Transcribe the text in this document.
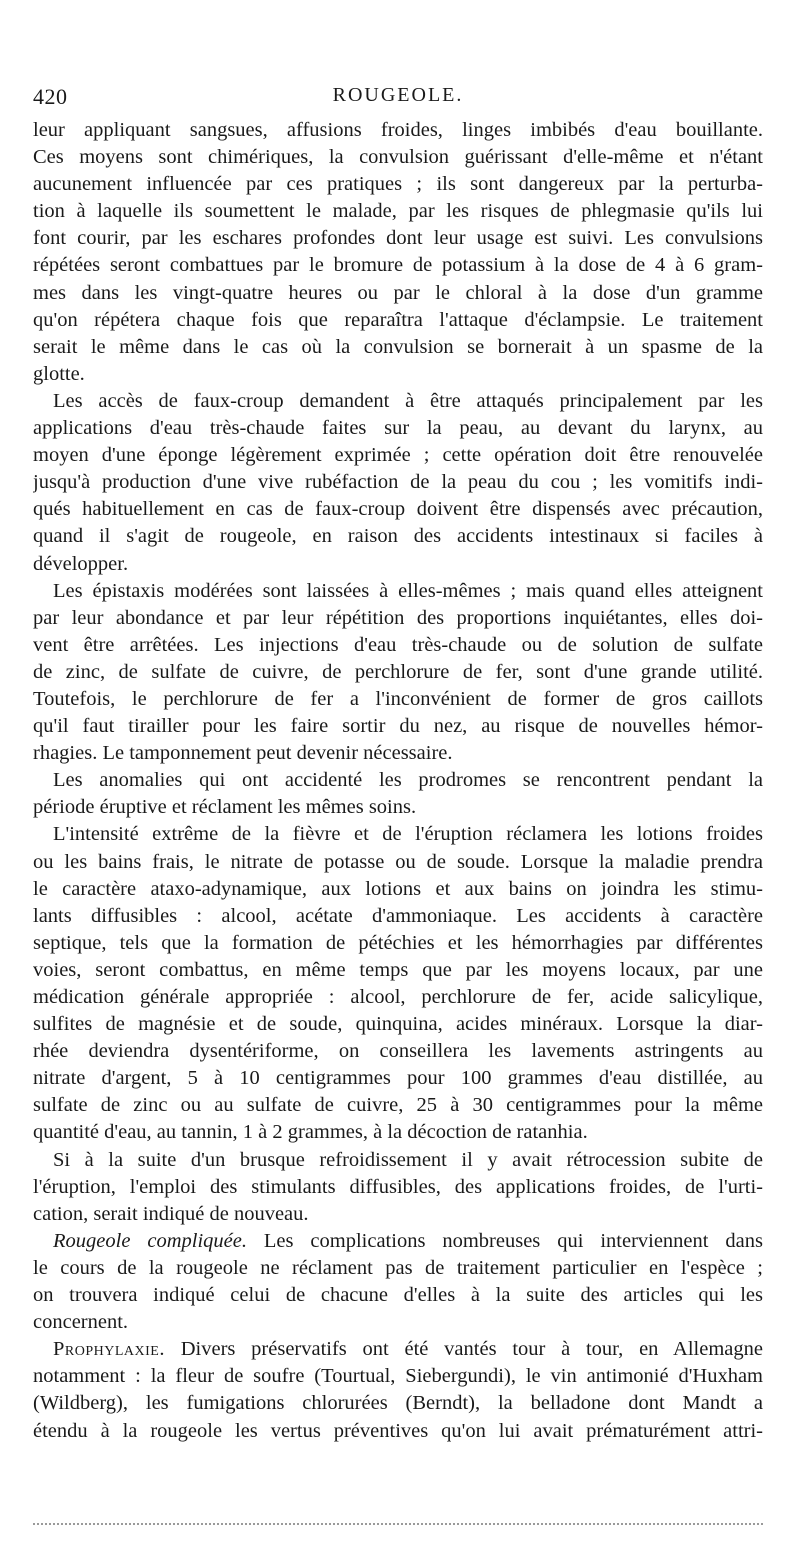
420	ROUGEOLE.
leur appliquant sangsues, affusions froides, linges imbibés d'eau bouillante.
Ces moyens sont chimériques, la convulsion guérissant d'elle-même et n'étant
aucunement influencée par ces pratiques ; ils sont dangereux par la perturba-
tion à laquelle ils soumettent le malade, par les risques de phlegmasie qu'ils lui
font courir, par les eschares profondes dont leur usage est suivi. Les convulsions
répétées seront combattues par le bromure de potassium à la dose de 4 à 6 gram-
mes dans les vingt-quatre heures ou par le chloral à la dose d'un gramme
qu'on répétera chaque fois que reparaîtra l'attaque d'éclampsie. Le traitement
serait le même dans le cas où la convulsion se bornerait à un spasme de la
glotte.
Les accès de faux-croup demandent à être attaqués principalement par les
applications d'eau très-chaude faites sur la peau, au devant du larynx, au
moyen d'une éponge légèrement exprimée ; cette opération doit être renouvelée
jusqu'à production d'une vive rubéfaction de la peau du cou ; les vomitifs indi-
qués habituellement en cas de faux-croup doivent être dispensés avec précaution,
quand il s'agit de rougeole, en raison des accidents intestinaux si faciles à
développer.
Les épistaxis modérées sont laissées à elles-mêmes ; mais quand elles atteignent
par leur abondance et par leur répétition des proportions inquiétantes, elles doi-
vent être arrêtées. Les injections d'eau très-chaude ou de solution de sulfate
de zinc, de sulfate de cuivre, de perchlorure de fer, sont d'une grande utilité.
Toutefois, le perchlorure de fer a l'inconvénient de former de gros caillots
qu'il faut tirailler pour les faire sortir du nez, au risque de nouvelles hémor-
rhagies. Le tamponnement peut devenir nécessaire.
Les anomalies qui ont accidenté les prodromes se rencontrent pendant la
période éruptive et réclament les mêmes soins.
L'intensité extrême de la fièvre et de l'éruption réclamera les lotions froides
ou les bains frais, le nitrate de potasse ou de soude. Lorsque la maladie prendra
le caractère ataxo-adynamique, aux lotions et aux bains on joindra les stimu-
lants diffusibles : alcool, acétate d'ammoniaque. Les accidents à caractère
septique, tels que la formation de pétéchies et les hémorrhagies par différentes
voies, seront combattus, en même temps que par les moyens locaux, par une
médication générale appropriée : alcool, perchlorure de fer, acide salicylique,
sulfites de magnésie et de soude, quinquina, acides minéraux. Lorsque la diar-
rhée deviendra dysentériforme, on conseillera les lavements astringents au
nitrate d'argent, 5 à 10 centigrammes pour 100 grammes d'eau distillée, au
sulfate de zinc ou au sulfate de cuivre, 25 à 30 centigrammes pour la même
quantité d'eau, au tannin, 1 à 2 grammes, à la décoction de ratanhia.
Si à la suite d'un brusque refroidissement il y avait rétrocession subite de
l'éruption, l'emploi des stimulants diffusibles, des applications froides, de l'urti-
cation, serait indiqué de nouveau.
Rougeole compliquée. Les complications nombreuses qui interviennent dans
le cours de la rougeole ne réclament pas de traitement particulier en l'espèce ;
on trouvera indiqué celui de chacune d'elles à la suite des articles qui les
concernent.
Prophylaxie. Divers préservatifs ont été vantés tour à tour, en Allemagne
notamment : la fleur de soufre (Tourtual, Siebergundi), le vin antimonié d'Huxham
(Wildberg), les fumigations chlorurées (Berndt), la belladone dont Mandt a
étendu à la rougeole les vertus préventives qu'on lui avait prématurément attri-
